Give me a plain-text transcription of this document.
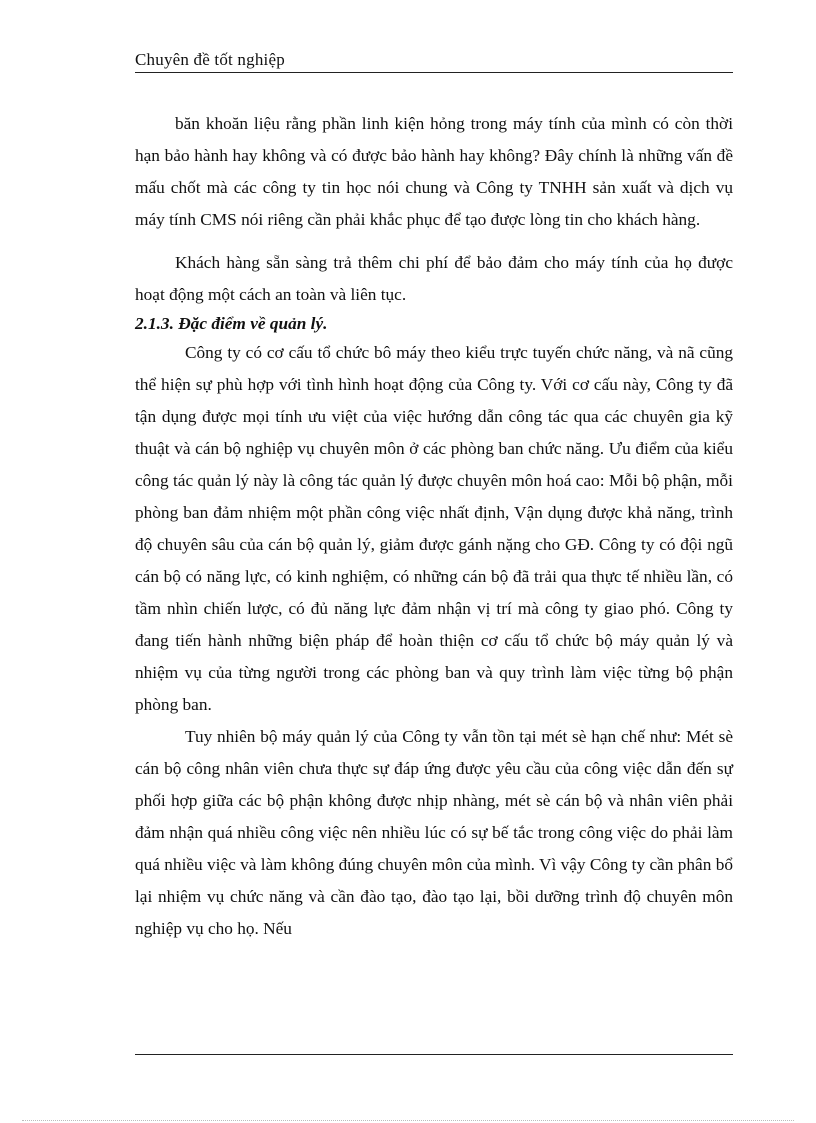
Chuyên đề tốt nghiệp

băn khoăn liệu rằng phần linh kiện hỏng trong máy tính của mình có còn thời hạn bảo hành hay không và có được bảo hành hay không? Đây chính là những vấn đề mấu chốt mà các công ty tin học nói chung và Công ty TNHH sản xuất và dịch vụ máy tính CMS nói riêng cần phải khắc phục để tạo được lòng tin cho khách hàng.

Khách hàng sẵn sàng trả thêm chi phí để bảo đảm cho máy tính của họ được hoạt động một cách an toàn và liên tục.

2.1.3. Đặc điểm về quản lý.

Công ty có cơ cấu tổ chức bô máy theo kiểu trực tuyến chức năng, và nã cũng thể hiện sự phù hợp với tình hình hoạt động của Công ty. Với cơ cấu này, Công ty đã tận dụng được mọi tính ưu việt của việc hướng dẫn công tác qua các chuyên gia kỹ thuật và cán bộ nghiệp vụ chuyên môn ở các phòng ban chức năng. Ưu điểm của kiểu công tác quản lý này là công tác quản lý được chuyên môn hoá cao: Mỗi bộ phận, mỗi phòng ban đảm nhiệm một phần công việc nhất định, Vận dụng được khả năng, trình độ chuyên sâu của cán bộ quản lý, giảm được gánh nặng cho GĐ. Công ty có đội ngũ cán bộ có năng lực, có kinh nghiệm, có những cán bộ đã trải qua thực tế nhiều lần, có tầm nhìn chiến lược, có đủ năng lực đảm nhận vị trí mà công ty giao phó. Công ty đang tiến hành những biện pháp để hoàn thiện cơ cấu tổ chức bộ máy quản lý và nhiệm vụ của từng người trong các phòng ban và quy trình làm việc từng bộ phận phòng ban.

Tuy nhiên bộ máy quản lý của Công ty vẫn tồn tại mét sè hạn chế như: Mét sè cán bộ công nhân viên chưa thực sự đáp ứng được yêu cầu của công việc dẫn đến sự phối hợp giữa các bộ phận không được nhịp nhàng, mét sè cán bộ và nhân viên phải đảm nhận quá nhiều công việc nên nhiều lúc có sự bế tắc trong công việc do phải làm quá nhiều việc và làm không đúng chuyên môn của mình. Vì vậy Công ty cần phân bổ lại nhiệm vụ chức năng và cần đào tạo, đào tạo lại, bồi dưỡng trình độ chuyên môn nghiệp vụ cho họ. Nếu
